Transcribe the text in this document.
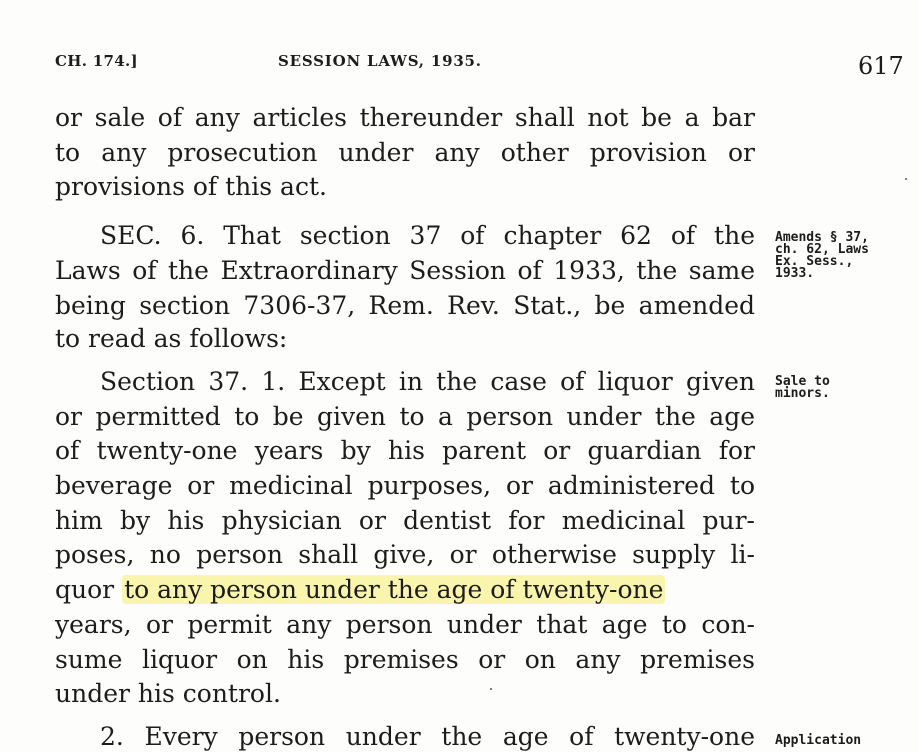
CH. 174.]	SESSION LAWS, 1935.	617
or sale of any articles thereunder shall not be a bar
to any prosecution under any other provision or
provisions of this act.
SEC. 6. That section 37 of chapter 62 of the
Laws of the Extraordinary Session of 1933, the same
being section 7306-37, Rem. Rev. Stat., be amended
to read as follows:
Section 37. 1. Except in the case of liquor given
or permitted to be given to a person under the age
of twenty-one years by his parent or guardian for
beverage or medicinal purposes, or administered to
him by his physician or dentist for medicinal pur-
poses, no person shall give, or otherwise supply li-
quor to any person under the age of twenty-one
years, or permit any person under that age to con-
sume liquor on his premises or on any premises
under his control.
2. Every person under the age of twenty-one
Amends § 37,
ch. 62, Laws
Ex. Sess.,
1933.
Sale to
minors.
Application
